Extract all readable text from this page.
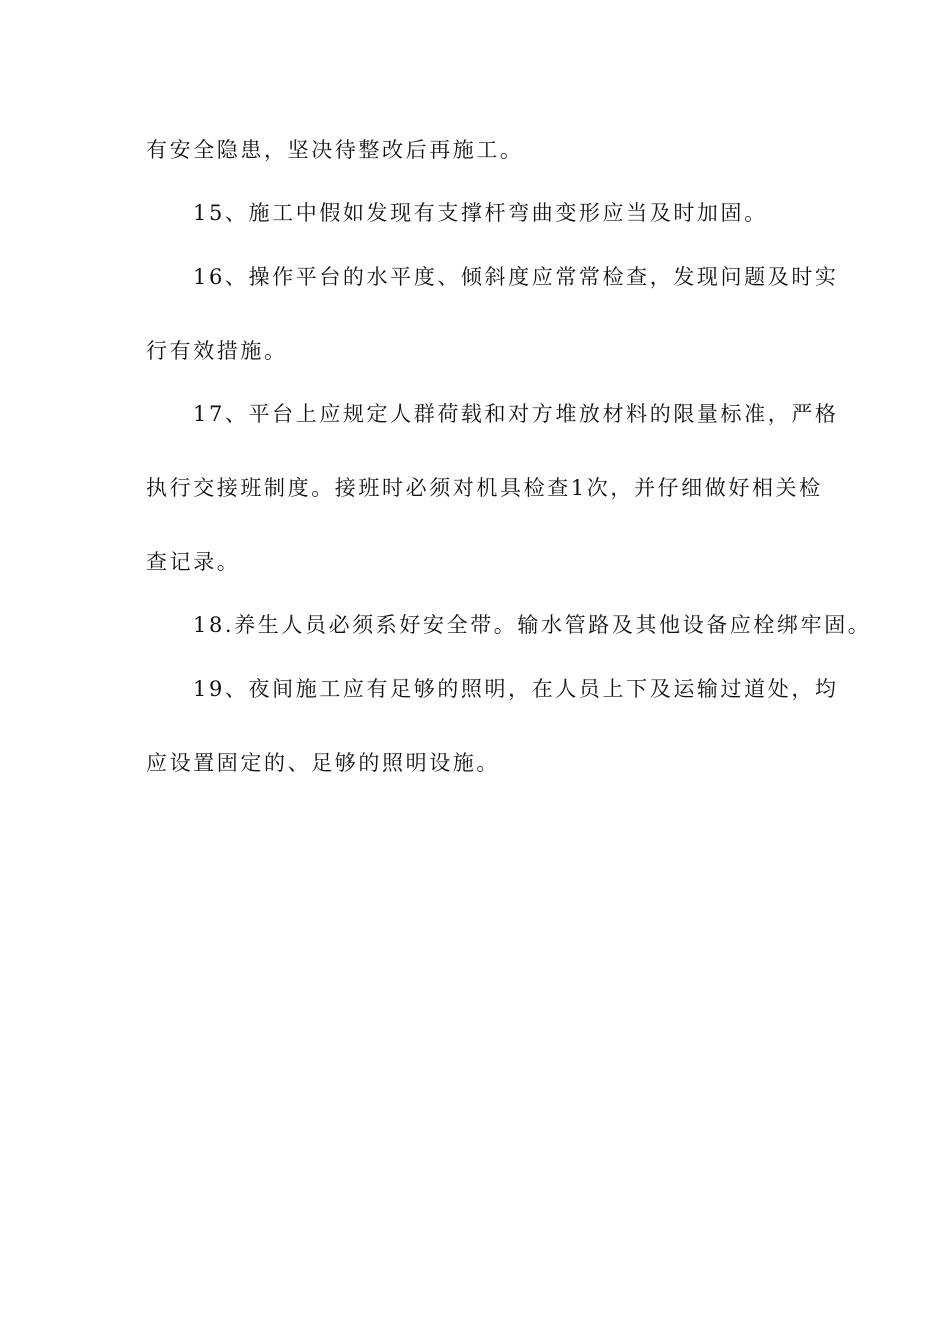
有安全隐患，坚决待整改后再施工。
15、施工中假如发现有支撑杆弯曲变形应当及时加固。
16、操作平台的水平度、倾斜度应常常检查，发现问题及时实
行有效措施。
17、平台上应规定人群荷载和对方堆放材料的限量标准，严格
执行交接班制度。接班时必须对机具检查1次，并仔细做好相关检
查记录。
18.养生人员必须系好安全带。输水管路及其他设备应栓绑牢固。
19、夜间施工应有足够的照明，在人员上下及运输过道处，均
应设置固定的、足够的照明设施。
